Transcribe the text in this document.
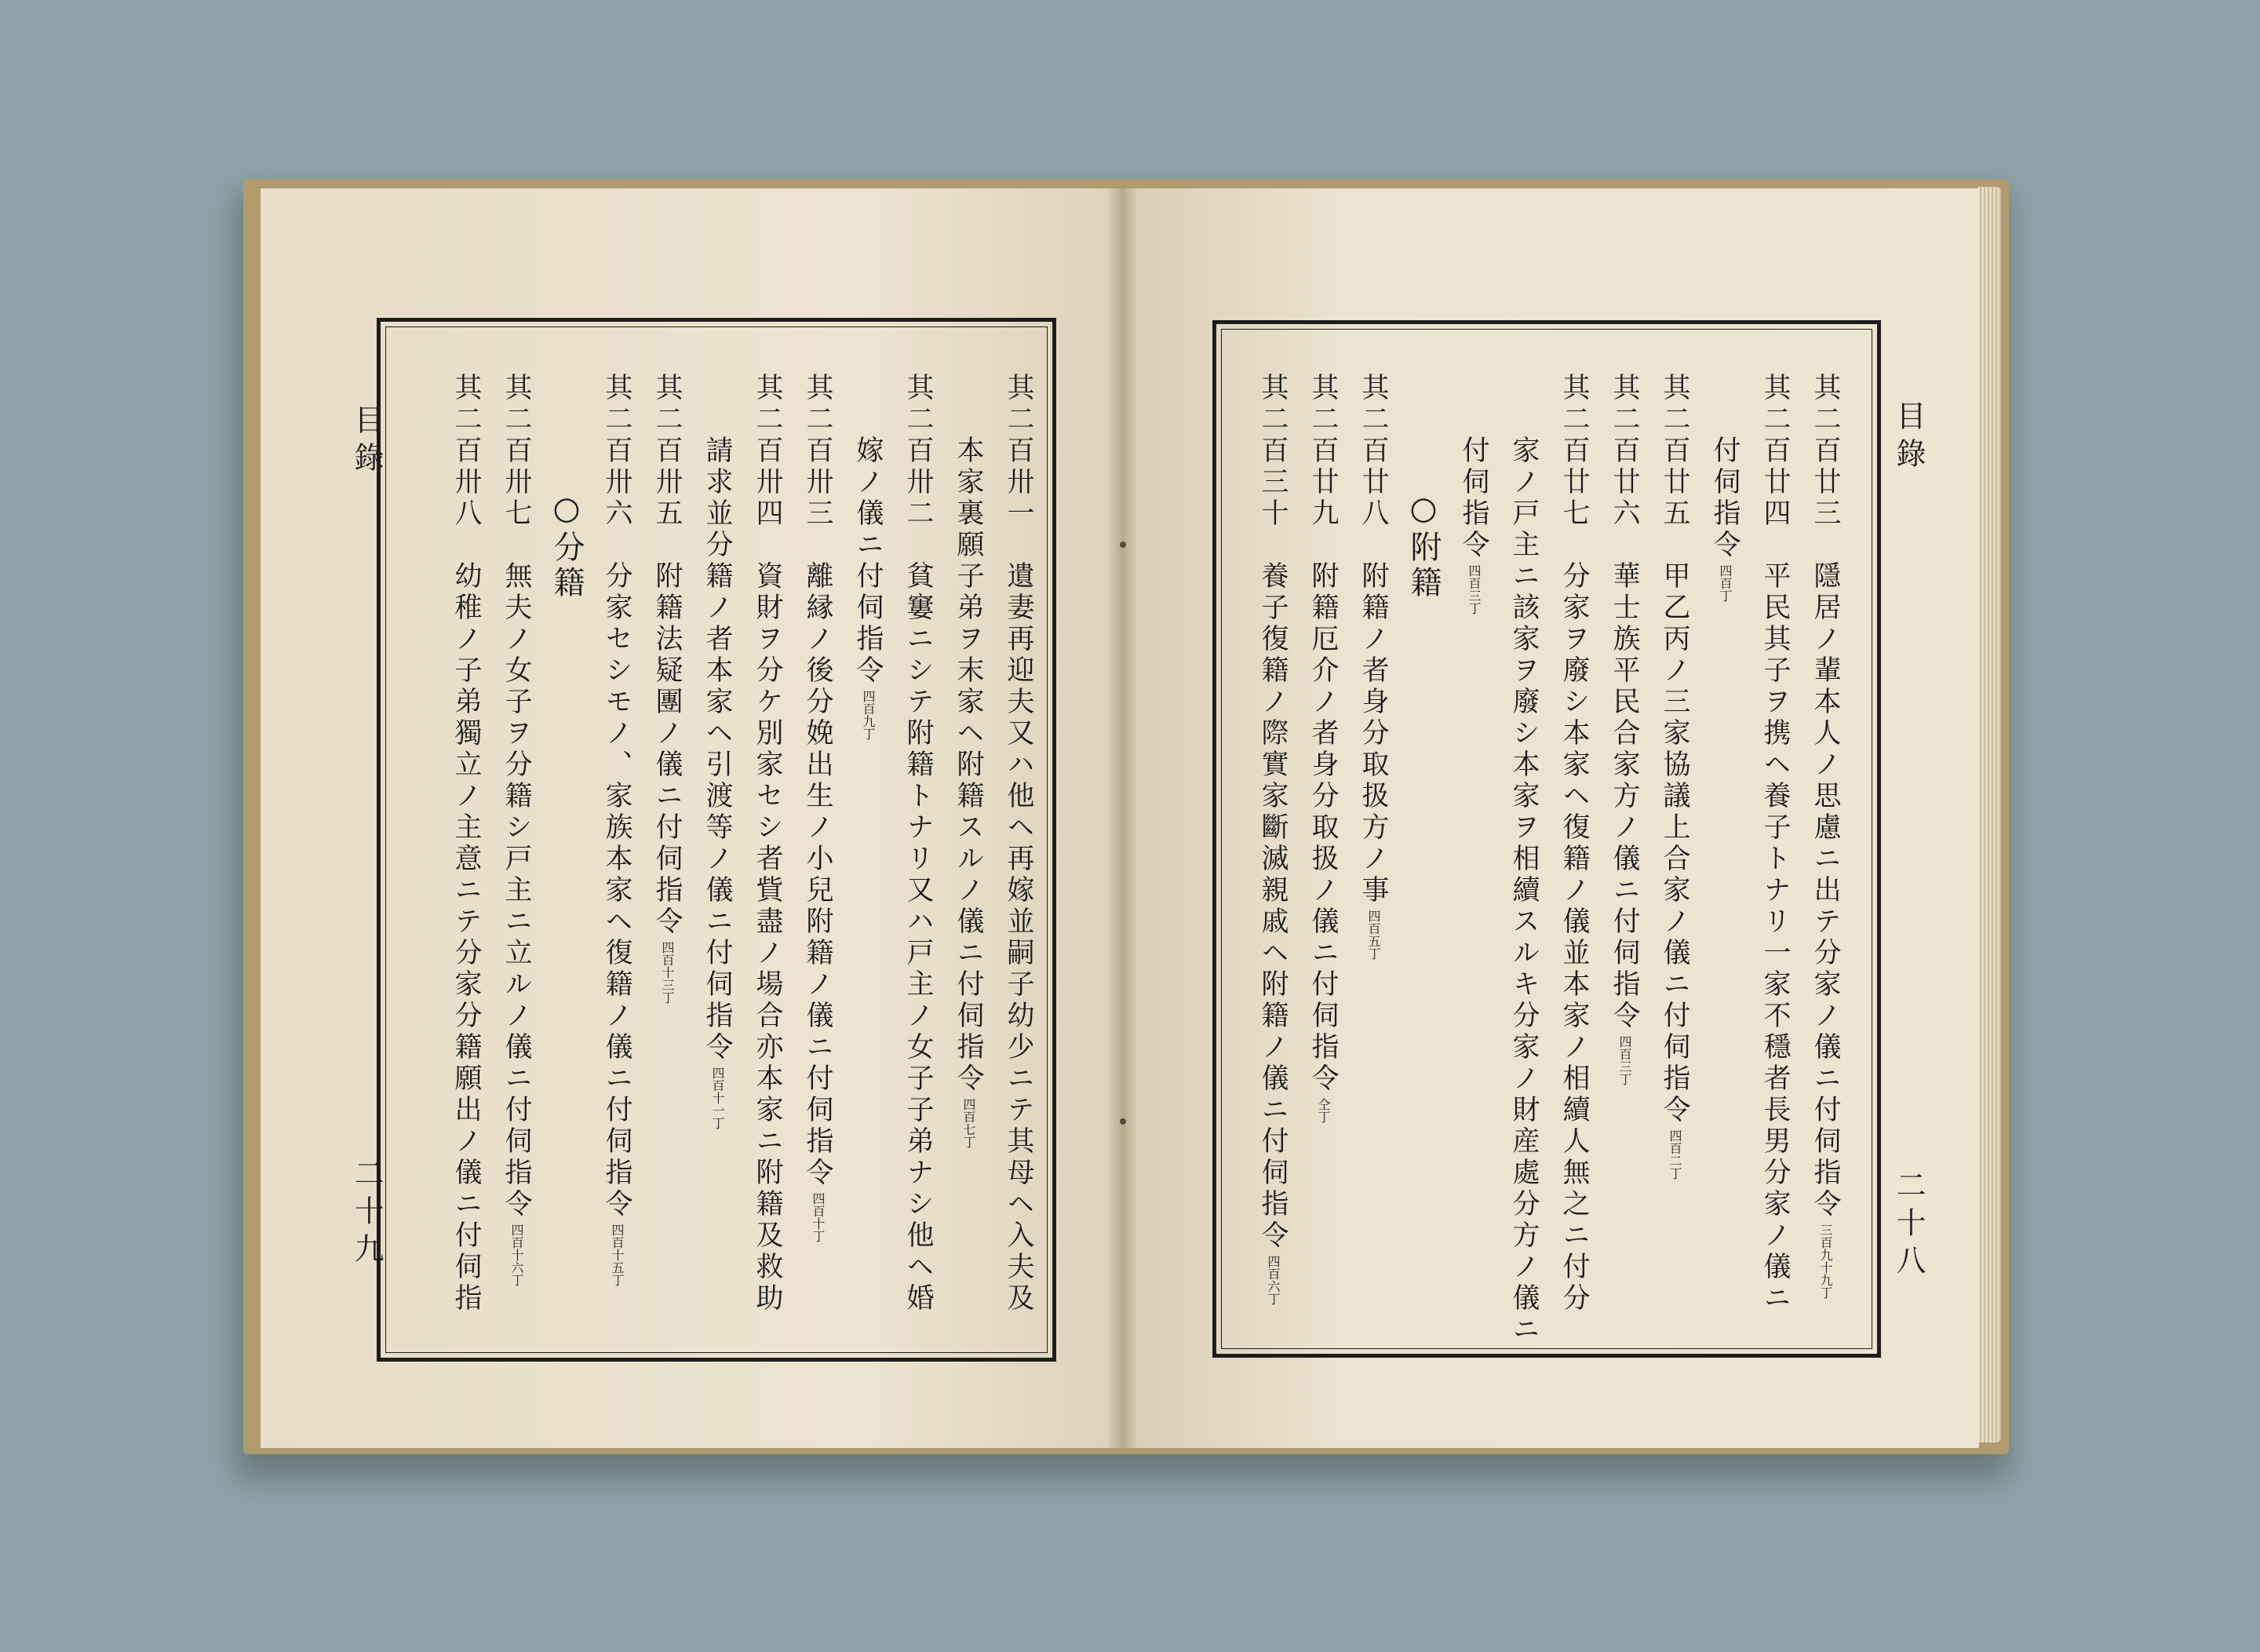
目錄
二十九
目錄
二十八
其二百卅一　遺妻再迎夫又ハ他ヘ再嫁並嗣子幼少ニテ其母ヘ入夫及
本家裏願子弟ヲ末家ヘ附籍スルノ儀ニ付伺指令四百七丁
其二百卅二　貧窶ニシテ附籍トナリ又ハ戸主ノ女子子弟ナシ他ヘ婚
嫁ノ儀ニ付伺指令四百九丁
其二百卅三　離縁ノ後分娩出生ノ小兒附籍ノ儀ニ付伺指令四百十丁
其二百卅四　資財ヲ分ケ別家セシ者貲盡ノ場合亦本家ニ附籍及救助
請求並分籍ノ者本家ヘ引渡等ノ儀ニ付伺指令四百十一丁
其二百卅五　附籍法疑團ノ儀ニ付伺指令四百十三丁
其二百卅六　分家セシモノ、家族本家ヘ復籍ノ儀ニ付伺指令四百十五丁
○分籍
其二百卅七　無夫ノ女子ヲ分籍シ戸主ニ立ルノ儀ニ付伺指令四百十六丁
其二百卅八　幼稚ノ子弟獨立ノ主意ニテ分家分籍願出ノ儀ニ付伺指	其二百廿三　隱居ノ輩本人ノ思慮ニ出テ分家ノ儀ニ付伺指令三百九十九丁
其二百廿四　平民其子ヲ携ヘ養子トナリ一家不穩者長男分家ノ儀ニ
付伺指令四百丁
其二百廿五　甲乙丙ノ三家協議上合家ノ儀ニ付伺指令四百二丁
其二百廿六　華士族平民合家方ノ儀ニ付伺指令四百三丁
其二百廿七　分家ヲ廢シ本家ヘ復籍ノ儀並本家ノ相續人無之ニ付分
家ノ戸主ニ該家ヲ廢シ本家ヲ相續スルキ分家ノ財産處分方ノ儀ニ
付伺指令四百三丁
○附籍
其二百廿八　附籍ノ者身分取扱方ノ事四百五丁
其二百廿九　附籍厄介ノ者身分取扱ノ儀ニ付伺指令仝丁
其二百三十　養子復籍ノ際實家斷滅親戚ヘ附籍ノ儀ニ付伺指令四百六丁
